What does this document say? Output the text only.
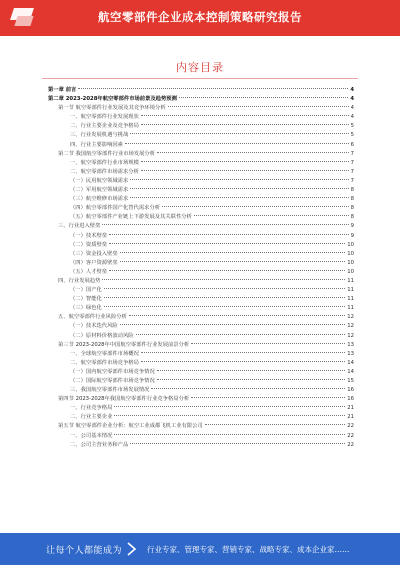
航空零部件企业成本控制策略研究报告
内容目录
第一章 前言	4
第二章 2023-2028年航空零部件市场前景及趋势预测	4
第一节 航空零部件行业发展及其竞争环境分析	4
一、航空零部件行业发展现状	4
二、行业主要企业及竞争格局	5
三、行业发展机遇与挑战	5
四、行业主要影响因素	6
第二节 我国航空零部件行业市场发展分析	7
一、航空零部件行业市场规模	7
二、航空零部件市场需求分析	7
（一）民用航空领域需求	7
（二）军用航空领域需求	8
（三）航空维修市场需求	8
（四）航空零部件国产化替代需求分析	8
（五）航空零部件产业链上下游发展及其关联性分析	8
三、行业进入壁垒	9
（一）技术壁垒	9
（二）资质壁垒	10
（三）资金投入壁垒	10
（四）客户资源壁垒	10
（五）人才壁垒	10
四、行业发展趋势	11
（一）国产化	11
（二）智能化	11
（三）绿色化	11
五、航空零部件行业风险分析	12
（一）技术迭代风险	12
（二）原材料价格波动风险	12
第三节 2023-2028年中国航空零部件行业发展前景分析	13
一、全球航空零部件市场概况	13
二、航空零部件市场竞争格局	14
（一）国内航空零部件市场竞争情况	14
（二）国际航空零部件市场竞争情况	15
三、我国航空零部件市场发展情况	16
第四节 2023-2028年我国航空零部件行业竞争格局分析	16
一、行业竞争格局	21
二、行业主要企业	21
第五节 航空零部件企业分析：航空工业成都飞机工业有限公司	22
一、公司基本情况	22
二、公司主营业务和产品	22
让每个人都能成为	行业专家、管理专家、营销专家、战略专家、成本企业家……
